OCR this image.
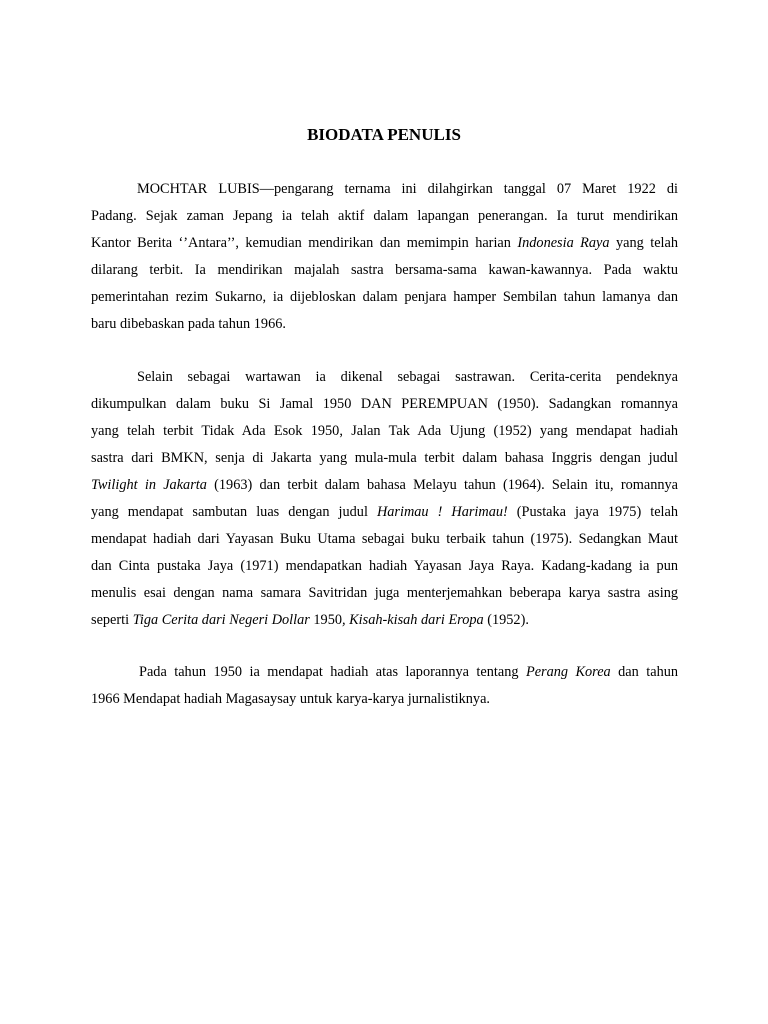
BIODATA PENULIS
MOCHTAR LUBIS—pengarang ternama ini dilahgirkan tanggal 07 Maret 1922 di
Padang. Sejak zaman Jepang ia telah aktif dalam lapangan penerangan. Ia turut mendirikan
Kantor Berita ‘’Antara’’, kemudian mendirikan dan memimpin harian Indonesia Raya yang telah
dilarang terbit. Ia mendirikan majalah sastra bersama-sama kawan-kawannya. Pada waktu
pemerintahan rezim Sukarno, ia dijebloskan dalam penjara hamper Sembilan tahun lamanya dan
baru dibebaskan pada tahun 1966.
Selain sebagai wartawan ia dikenal sebagai sastrawan. Cerita-cerita pendeknya
dikumpulkan dalam buku Si Jamal 1950 DAN PEREMPUAN (1950). Sadangkan romannya
yang telah terbit Tidak Ada Esok 1950, Jalan Tak Ada Ujung (1952) yang mendapat hadiah
sastra dari BMKN, senja di Jakarta yang mula-mula terbit dalam bahasa Inggris dengan judul
Twilight in Jakarta (1963) dan terbit dalam bahasa Melayu tahun (1964). Selain itu, romannya
yang mendapat sambutan luas dengan judul Harimau ! Harimau! (Pustaka jaya 1975) telah
mendapat hadiah dari Yayasan Buku Utama sebagai buku terbaik tahun (1975). Sedangkan Maut
dan Cinta pustaka Jaya (1971) mendapatkan hadiah Yayasan Jaya Raya. Kadang-kadang ia pun
menulis esai dengan nama samara Savitridan juga menterjemahkan beberapa karya sastra asing
seperti Tiga Cerita dari Negeri Dollar 1950, Kisah-kisah dari Eropa (1952).
Pada tahun 1950 ia mendapat hadiah atas laporannya tentang Perang Korea dan tahun
1966 Mendapat hadiah Magasaysay untuk karya-karya jurnalistiknya.
